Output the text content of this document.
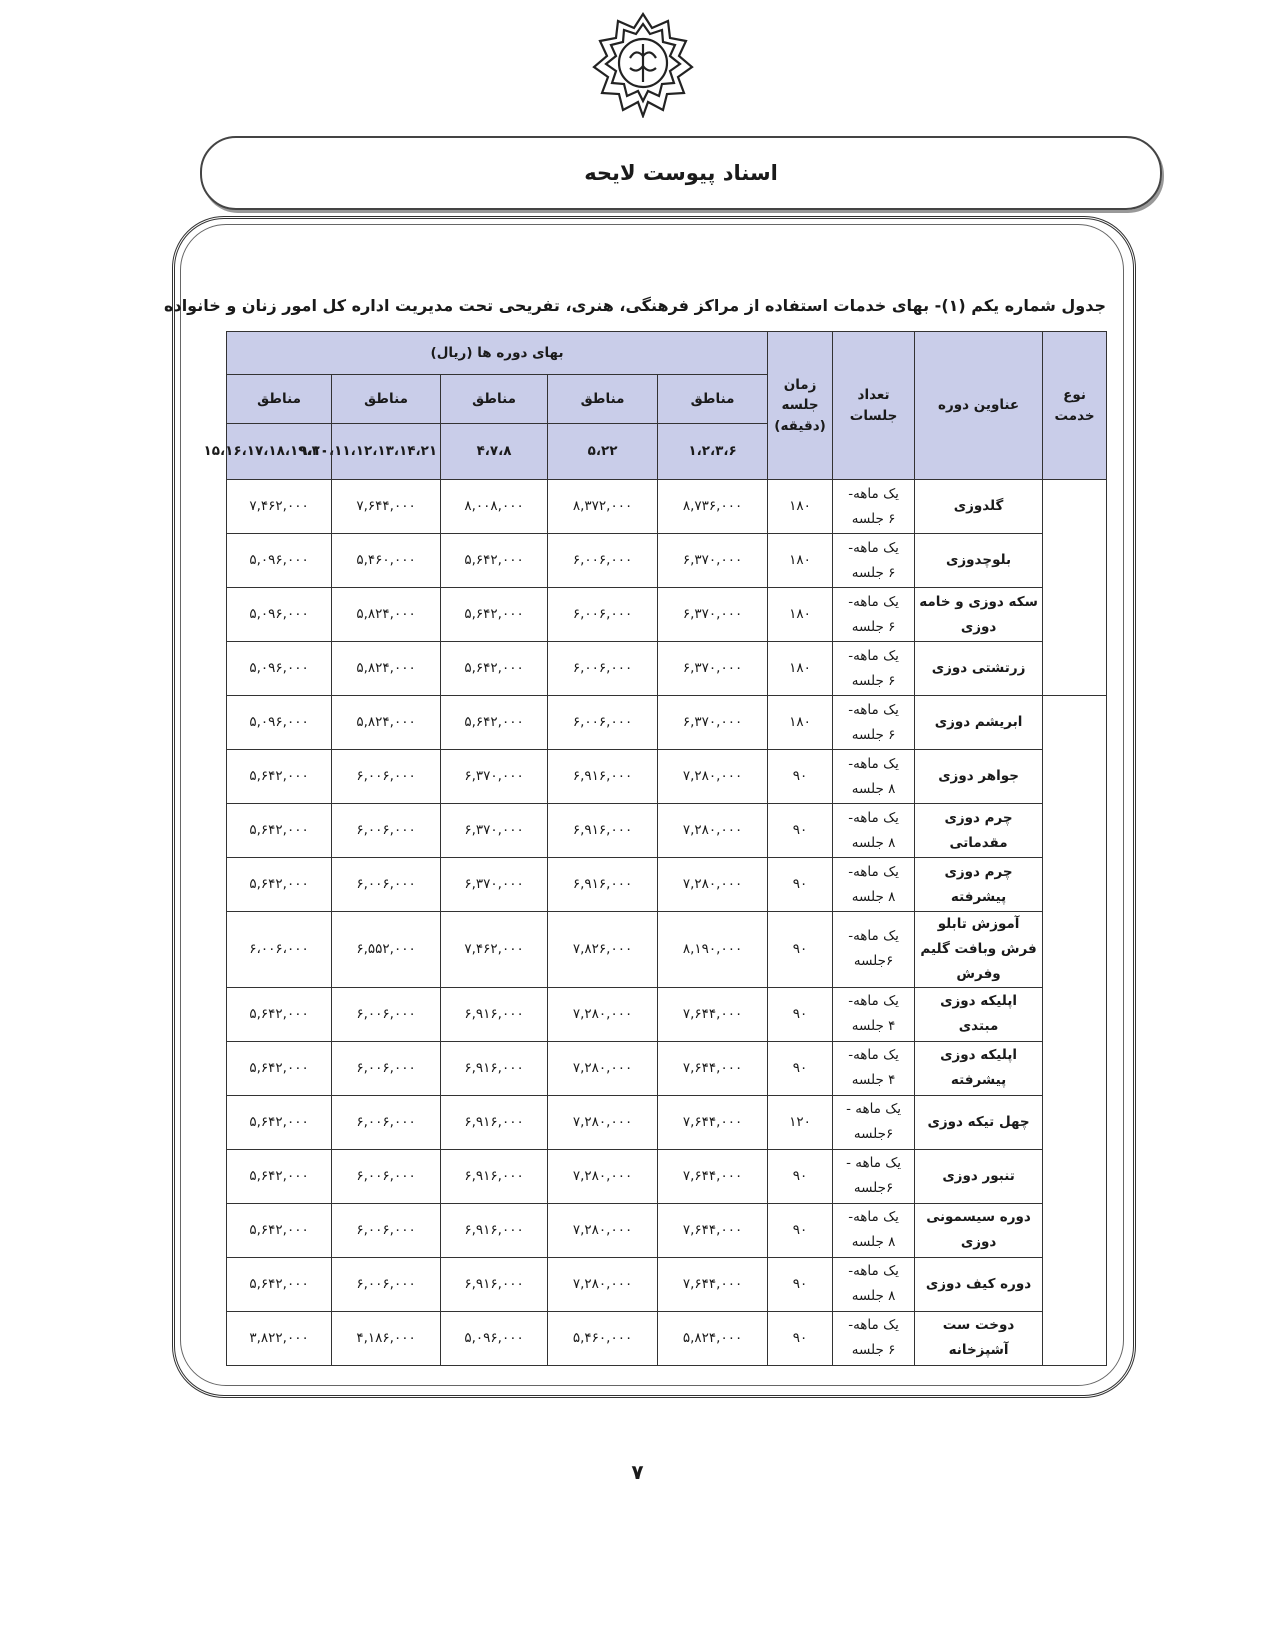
اسناد پیوست لایحه
جدول شماره یکم (۱)- بهای خدمات استفاده از مراکز فرهنگی، هنری، تفریحی تحت مدیریت اداره کل امور زنان و خانواده
نوع خدمت	عناوین دوره	تعداد جلسات	زمان جلسه (دقیقه)	بهای دوره ها (ریال)				
				مناطق	مناطق	مناطق	مناطق	مناطق
				۱،۲،۳،۶	۵،۲۲	۴،۷،۸	۹،۱۰،۱۱،۱۲،۱۳،۱۴،۲۱	۱۵،۱۶،۱۷،۱۸،۱۹،۲۰
	گلدوزی	یک ماهه-
۶ جلسه	۱۸۰	۸,۷۳۶,۰۰۰	۸,۳۷۲,۰۰۰	۸,۰۰۸,۰۰۰	۷,۶۴۴,۰۰۰	۷,۴۶۲,۰۰۰
	بلوچدوزی	یک ماهه-
۶ جلسه	۱۸۰	۶,۳۷۰,۰۰۰	۶,۰۰۶,۰۰۰	۵,۶۴۲,۰۰۰	۵,۴۶۰,۰۰۰	۵,۰۹۶,۰۰۰
	سکه دوزی و خامه دوزی	یک ماهه-
۶ جلسه	۱۸۰	۶,۳۷۰,۰۰۰	۶,۰۰۶,۰۰۰	۵,۶۴۲,۰۰۰	۵,۸۲۴,۰۰۰	۵,۰۹۶,۰۰۰
	زرتشتی دوزی	یک ماهه-
۶ جلسه	۱۸۰	۶,۳۷۰,۰۰۰	۶,۰۰۶,۰۰۰	۵,۶۴۲,۰۰۰	۵,۸۲۴,۰۰۰	۵,۰۹۶,۰۰۰
	ابریشم دوزی	یک ماهه-
۶ جلسه	۱۸۰	۶,۳۷۰,۰۰۰	۶,۰۰۶,۰۰۰	۵,۶۴۲,۰۰۰	۵,۸۲۴,۰۰۰	۵,۰۹۶,۰۰۰
	جواهر دوزی	یک ماهه-
۸ جلسه	۹۰	۷,۲۸۰,۰۰۰	۶,۹۱۶,۰۰۰	۶,۳۷۰,۰۰۰	۶,۰۰۶,۰۰۰	۵,۶۴۲,۰۰۰
	چرم دوزی مقدماتی	یک ماهه-
۸ جلسه	۹۰	۷,۲۸۰,۰۰۰	۶,۹۱۶,۰۰۰	۶,۳۷۰,۰۰۰	۶,۰۰۶,۰۰۰	۵,۶۴۲,۰۰۰
	چرم دوزی پیشرفته	یک ماهه-
۸ جلسه	۹۰	۷,۲۸۰,۰۰۰	۶,۹۱۶,۰۰۰	۶,۳۷۰,۰۰۰	۶,۰۰۶,۰۰۰	۵,۶۴۲,۰۰۰
	آموزش تابلو فرش وبافت گلیم وفرش	یک ماهه-
۶جلسه	۹۰	۸,۱۹۰,۰۰۰	۷,۸۲۶,۰۰۰	۷,۴۶۲,۰۰۰	۶,۵۵۲,۰۰۰	۶،۰۰۶،۰۰۰
	اپلیکه دوزی مبتدی	یک ماهه-
۴ جلسه	۹۰	۷,۶۴۴,۰۰۰	۷,۲۸۰,۰۰۰	۶,۹۱۶,۰۰۰	۶,۰۰۶,۰۰۰	۵,۶۴۲,۰۰۰
	اپلیکه دوزی پیشرفته	یک ماهه-
۴ جلسه	۹۰	۷,۶۴۴,۰۰۰	۷,۲۸۰,۰۰۰	۶,۹۱۶,۰۰۰	۶,۰۰۶,۰۰۰	۵,۶۴۲,۰۰۰
	چهل تیکه دوزی	یک ماهه -
۶جلسه	۱۲۰	۷,۶۴۴,۰۰۰	۷,۲۸۰,۰۰۰	۶,۹۱۶,۰۰۰	۶,۰۰۶,۰۰۰	۵,۶۴۲,۰۰۰
	تنبور دوزی	یک ماهه -
۶جلسه	۹۰	۷,۶۴۴,۰۰۰	۷,۲۸۰,۰۰۰	۶,۹۱۶,۰۰۰	۶,۰۰۶,۰۰۰	۵,۶۴۲,۰۰۰
	دوره سیسمونی دوزی	یک ماهه-
۸ جلسه	۹۰	۷,۶۴۴,۰۰۰	۷,۲۸۰,۰۰۰	۶,۹۱۶,۰۰۰	۶,۰۰۶,۰۰۰	۵,۶۴۲,۰۰۰
	دوره کیف دوزی	یک ماهه-
۸ جلسه	۹۰	۷,۶۴۴,۰۰۰	۷,۲۸۰,۰۰۰	۶,۹۱۶,۰۰۰	۶,۰۰۶,۰۰۰	۵,۶۴۲,۰۰۰
	دوخت ست آشپزخانه	یک ماهه-
۶ جلسه	۹۰	۵,۸۲۴,۰۰۰	۵,۴۶۰,۰۰۰	۵,۰۹۶,۰۰۰	۴,۱۸۶,۰۰۰	۳,۸۲۲,۰۰۰
۷
